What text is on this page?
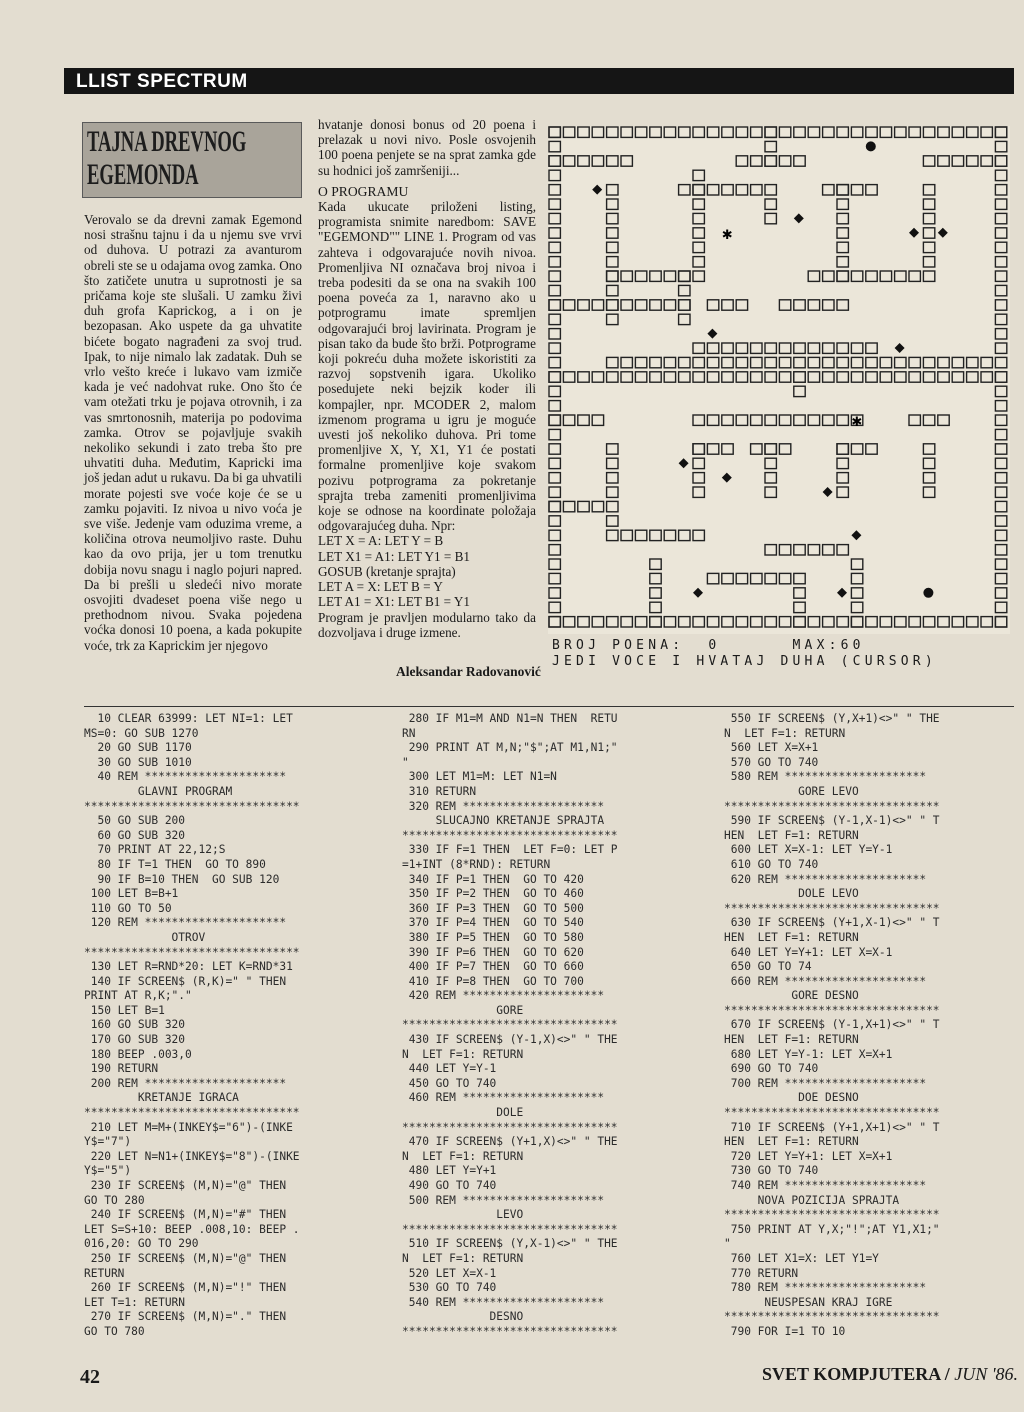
LLIST SPECTRUM
TAJNA DREVNOG
EGEMONDA
Verovalo se da drevni zamak Egemond nosi strašnu tajnu i da u njemu sve vrvi od duhova. U potrazi za avanturom obreli ste se u odajama ovog zamka. Ono što zatičete unutra u suprotnosti je sa pričama koje ste slušali. U zamku živi duh grofa Kaprickog, a i on je bezopasan. Ako uspete da ga uhvatite bićete bogato nagrađeni za svoj trud. Ipak, to nije nimalo lak zadatak. Duh se vrlo vešto kreće i lukavo vam izmiče kada je već nadohvat ruke. Ono što će vam otežati trku je pojava otrovnih, i za vas smrtonosnih, materija po podovima zamka. Otrov se pojavljuje svakih nekoliko sekundi i zato treba što pre uhvatiti duha. Međutim, Kapricki ima još jedan adut u rukavu. Da bi ga uhvatili morate pojesti sve voće koje će se u zamku pojaviti. Iz nivoa u nivo voća je sve više. Jedenje vam oduzima vreme, a količina otrova neumoljivo raste. Duhu kao da ovo prija, jer u tom trenutku dobija novu snagu i naglo pojuri napred. Da bi prešli u sledeći nivo morate osvojiti dvadeset poena više nego u prethodnom nivou. Svaka pojedena voćka donosi 10 poena, a kada pokupite voće, trk za Kaprickim jer njegovo

hvatanje donosi bonus od 20 poena i prelazak u novi nivo. Posle osvojenih 100 poena penjete se na sprat zamka gde su hodnici još zamršeniji...

O PROGRAMU

Kada ukucate priloženi listing, programista snimite naredbom: SAVE "EGEMOND"" LINE 1. Program od vas zahteva i odgovarajuće novih nivoa. Promenljiva NI označava broj nivoa i treba podesiti da se ona na svakih 100 poena poveća za 1, naravno ako u potprogramu imate spremljen odgovarajući broj lavirinata. Program je pisan tako da bude što brži. Potprograme koji pokreću duha možete iskoristiti za razvoj sopstvenih igara. Ukoliko posedujete neki bejzik koder ili kompajler, npr. MCODER 2, malom izmenom programa u igru je moguće uvesti još nekoliko duhova. Pri tome promenljive X, Y, X1, Y1 će postati formalne promenljive koje svakom pozivu potprograma za pokretanje sprajta treba zameniti promenljivima koje se odnose na koordinate položaja odgovarajućeg duha. Npr:

LET X = A: LET Y = B

LET X1 = A1: LET Y1 = B1

GOSUB (kretanje sprajta)

LET A = X: LET B = Y

LET A1 = X1: LET B1 = Y1

Program je pravljen modularno tako da dozvoljava i druge izmene.

Aleksandar Radovanović
✱
✱
BROJ POENA:  0      MAX:60
JEDI VOCE I HVATAJ DUHA (CURSOR)
10 CLEAR 63999: LET NI=1: LET
MS=0: GO SUB 1270
20 GO SUB 1170
30 GO SUB 1010
40 REM *********************
GLAVNI PROGRAM
********************************
50 GO SUB 200
60 GO SUB 320
70 PRINT AT 22,12;S
80 IF T=1 THEN  GO TO 890
90 IF B=10 THEN  GO SUB 120
100 LET B=B+1
110 GO TO 50
120 REM *********************
OTROV
********************************
130 LET R=RND*20: LET K=RND*31
140 IF SCREEN$ (R,K)=" " THEN
PRINT AT R,K;"."
150 LET B=1
160 GO SUB 320
170 GO SUB 320
180 BEEP .003,0
190 RETURN
200 REM *********************
KRETANJE IGRACA
********************************
210 LET M=M+(INKEY$="6")-(INKE
Y$="7")
220 LET N=N1+(INKEY$="8")-(INKE
Y$="5")
230 IF SCREEN$ (M,N)="@" THEN
GO TO 280
240 IF SCREEN$ (M,N)="#" THEN
LET S=S+10: BEEP .008,10: BEEP .
016,20: GO TO 290
250 IF SCREEN$ (M,N)="@" THEN
RETURN
260 IF SCREEN$ (M,N)="!" THEN
LET T=1: RETURN
270 IF SCREEN$ (M,N)="." THEN
GO TO 780
280 IF M1=M AND N1=N THEN  RETU
RN
290 PRINT AT M,N;"$";AT M1,N1;"
"
300 LET M1=M: LET N1=N
310 RETURN
320 REM *********************
SLUCAJNO KRETANJE SPRAJTA
********************************
330 IF F=1 THEN  LET F=0: LET P
=1+INT (8*RND): RETURN
340 IF P=1 THEN  GO TO 420
350 IF P=2 THEN  GO TO 460
360 IF P=3 THEN  GO TO 500
370 IF P=4 THEN  GO TO 540
380 IF P=5 THEN  GO TO 580
390 IF P=6 THEN  GO TO 620
400 IF P=7 THEN  GO TO 660
410 IF P=8 THEN  GO TO 700
420 REM *********************
GORE
********************************
430 IF SCREEN$ (Y-1,X)<>" " THE
N  LET F=1: RETURN
440 LET Y=Y-1
450 GO TO 740
460 REM *********************
DOLE
********************************
470 IF SCREEN$ (Y+1,X)<>" " THE
N  LET F=1: RETURN
480 LET Y=Y+1
490 GO TO 740
500 REM *********************
LEVO
********************************
510 IF SCREEN$ (Y,X-1)<>" " THE
N  LET F=1: RETURN
520 LET X=X-1
530 GO TO 740
540 REM *********************
DESNO
********************************
550 IF SCREEN$ (Y,X+1)<>" " THE
N  LET F=1: RETURN
560 LET X=X+1
570 GO TO 740
580 REM *********************
GORE LEVO
********************************
590 IF SCREEN$ (Y-1,X-1)<>" " T
HEN  LET F=1: RETURN
600 LET X=X-1: LET Y=Y-1
610 GO TO 740
620 REM *********************
DOLE LEVO
********************************
630 IF SCREEN$ (Y+1,X-1)<>" " T
HEN  LET F=1: RETURN
640 LET Y=Y+1: LET X=X-1
650 GO TO 74
660 REM *********************
GORE DESNO
********************************
670 IF SCREEN$ (Y-1,X+1)<>" " T
HEN  LET F=1: RETURN
680 LET Y=Y-1: LET X=X+1
690 GO TO 740
700 REM *********************
DOE DESNO
********************************
710 IF SCREEN$ (Y+1,X+1)<>" " T
HEN  LET F=1: RETURN
720 LET Y=Y+1: LET X=X+1
730 GO TO 740
740 REM *********************
NOVA POZICIJA SPRAJTA
********************************
750 PRINT AT Y,X;"!";AT Y1,X1;"
"
760 LET X1=X: LET Y1=Y
770 RETURN
780 REM *********************
NEUSPESAN KRAJ IGRE
********************************
790 FOR I=1 TO 10
42	SVET KOMPJUTERA / JUN '86.
